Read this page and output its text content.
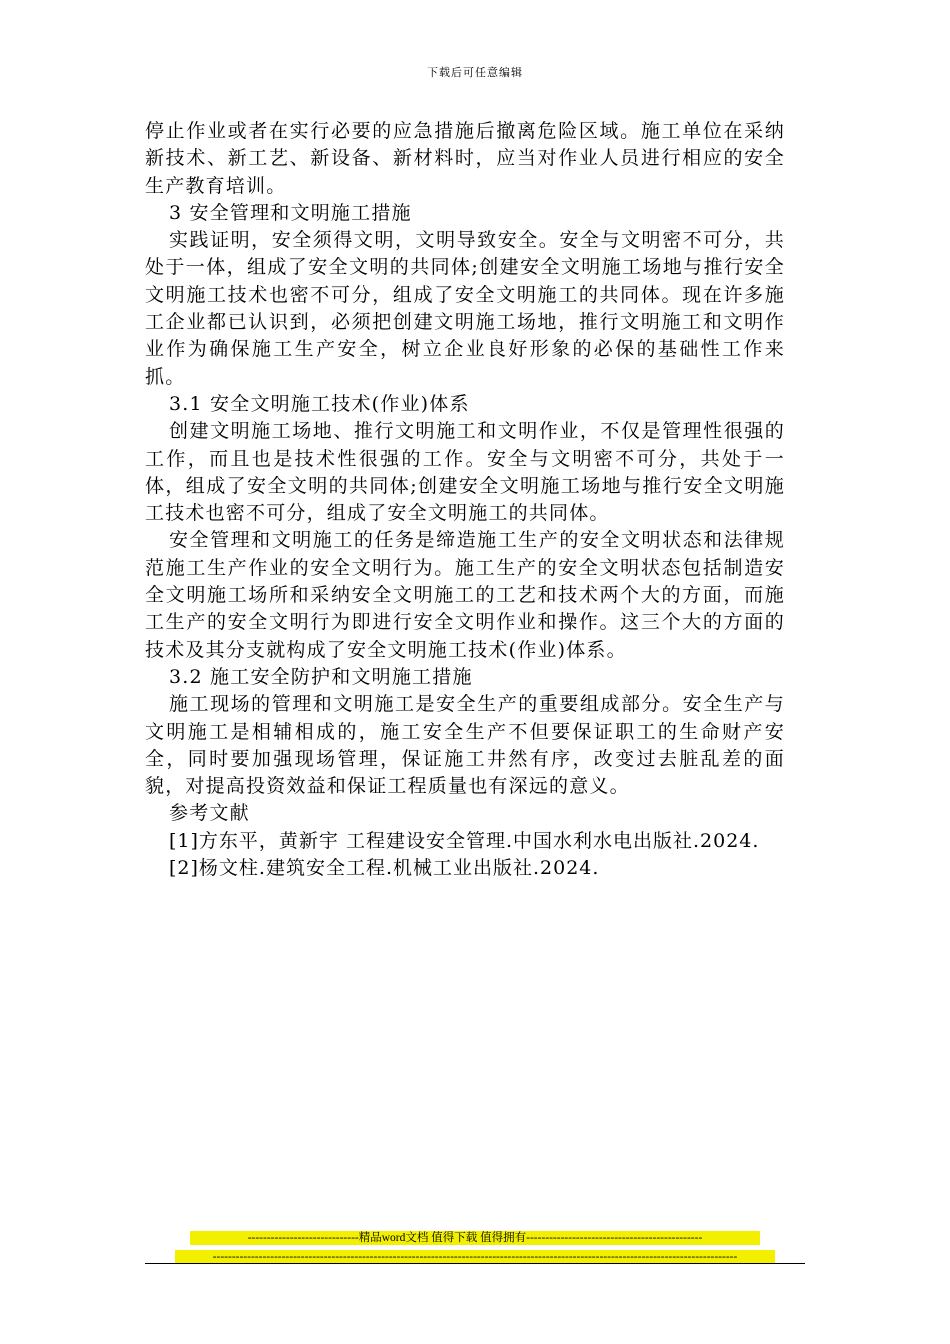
下载后可任意编辑

停止作业或者在实行必要的应急措施后撤离危险区域。施工单位在采纳新技术、新工艺、新设备、新材料时，应当对作业人员进行相应的安全生产教育培训。

3 安全管理和文明施工措施

实践证明，安全须得文明，文明导致安全。安全与文明密不可分，共处于一体，组成了安全文明的共同体;创建安全文明施工场地与推行安全文明施工技术也密不可分，组成了安全文明施工的共同体。现在许多施工企业都已认识到，必须把创建文明施工场地，推行文明施工和文明作业作为确保施工生产安全，树立企业良好形象的必保的基础性工作来抓。

3.1 安全文明施工技术(作业)体系

创建文明施工场地、推行文明施工和文明作业，不仅是管理性很强的工作，而且也是技术性很强的工作。安全与文明密不可分，共处于一体，组成了安全文明的共同体;创建安全文明施工场地与推行安全文明施工技术也密不可分，组成了安全文明施工的共同体。

安全管理和文明施工的任务是缔造施工生产的安全文明状态和法律规范施工生产作业的安全文明行为。施工生产的安全文明状态包括制造安全文明施工场所和采纳安全文明施工的工艺和技术两个大的方面，而施工生产的安全文明行为即进行安全文明作业和操作。这三个大的方面的技术及其分支就构成了安全文明施工技术(作业)体系。

3.2 施工安全防护和文明施工措施

施工现场的管理和文明施工是安全生产的重要组成部分。安全生产与文明施工是相辅相成的，施工安全生产不但要保证职工的生命财产安全，同时要加强现场管理，保证施工井然有序，改变过去脏乱差的面貌，对提高投资效益和保证工程质量也有深远的意义。

参考文献

[1]方东平，黄新宇 工程建设安全管理.中国水利水电出版社.2024.

[2]杨文柱.建筑安全工程.机械工业出版社.2024.

-----------------------------精品word文档 值得下载 值得拥有----------------------------------------------
-----------------------------------------------------------------------------------------------------------------------------------------
